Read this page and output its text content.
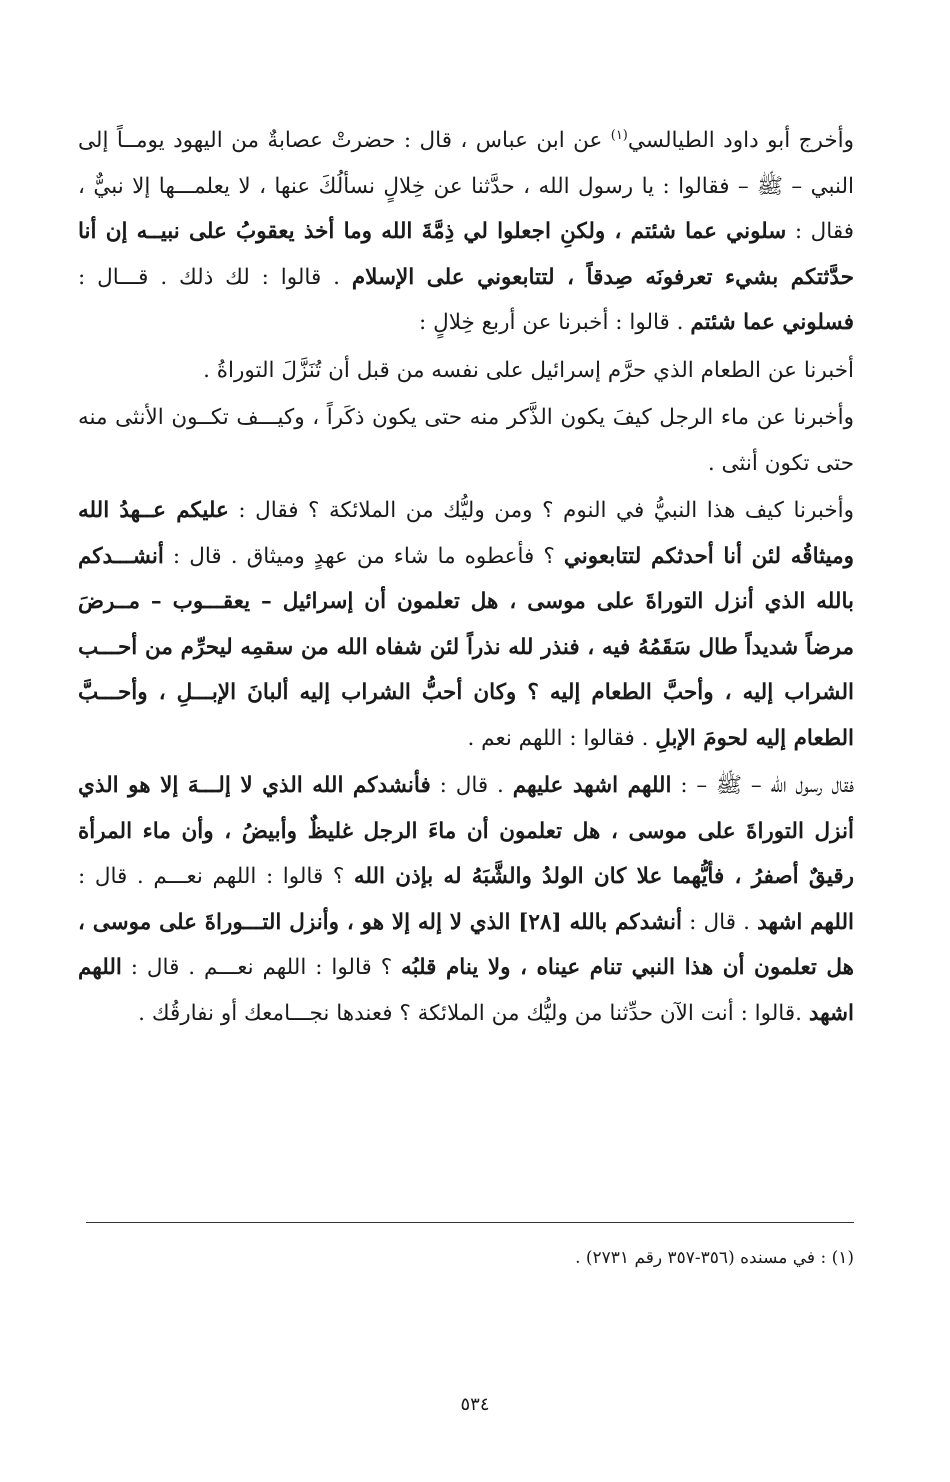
وأخرج أبو داود الطيالسي$^{(١)}$ عن ابن عباس ، قال : حضرتْ عصابةٌ من اليهود يومــاً إلى النبي – ﷺ – فقالوا : يا رسول الله ، حدَّثنا عن خِلالٍ نسألُكَ عنها ، لا يعلمـــها إلا نبيٌّ ، فقال : سلوني عما شئتم ، ولكنِ اجعلوا لي ذِمَّةَ الله وما أخذ يعقوبُ على نبيــه إن أنا حدَّثتكم بشيء تعرفونَه صِدقاً ، لتتابعوني على الإسلام . قالوا : لك ذلك . قـــال : فسلوني عما شئتم . قالوا : أخبرنا عن أربع خِلالٍ :

أخبرنا عن الطعام الذي حرَّم إسرائيل على نفسه من قبل أن تُنَزَّلَ التوراةُ .

وأخبرنا عن ماء الرجل كيفَ يكون الذَّكر منه حتى يكون ذكَراً ، وكيـــف تكــون الأنثى منه حتى تكون أنثى .

وأخبرنا كيف هذا النبيُّ في النوم ؟ ومن وليُّك من الملائكة ؟ فقال : عليكم عــهدُ الله وميثاقُه لئن أنا أحدثكم لتتابعوني ؟ فأعطوه ما شاء من عهدٍ وميثاق . قال : أنشـــدكم بالله الذي أنزل التوراةَ على موسى ، هل تعلمون أن إسرائيل – يعقـــوب – مــرضَ مرضاً شديداً طال سَقَمُهُ فيه ، فنذر لله نذراً لئن شفاه الله من سقمِه ليحرِّم من أحـــب الشراب إليه ، وأحبَّ الطعام إليه ؟ وكان أحبُّ الشراب إليه ألبانَ الإبـــلِ ، وأحـــبَّ الطعام إليه لحومَ الإبلِ . فقالوا : اللهم نعم .

فقال رسول الله – ﷺ – : اللهم اشهد عليهم . قال : فأنشدكم الله الذي لا إلـــهَ إلا هو الذي أنزل التوراةَ على موسى ، هل تعلمون أن ماءَ الرجل غليظٌ وأبيضُ ، وأن ماء المرأة رقيقٌ أصفرُ ، فأيُّهما علا كان الولدُ والشَّبَهُ له بإذن الله ؟ قالوا : اللهم نعـــم . قال : اللهم اشهد . قال : أنشدكم بالله [٢٨] الذي لا إله إلا هو ، وأنزل التـــوراةَ على موسى ، هل تعلمون أن هذا النبي تنام عيناه ، ولا ينام قلبُه ؟ قالوا : اللهم نعـــم . قال : اللهم اشهد .قالوا : أنت الآن حدِّثنا من وليُّك من الملائكة ؟ فعندها نجـــامعك أو نفارقُك .

(١) : في مسنده (٣٥٦-٣٥٧ رقم ٢٧٣١) .
٥٣٤
